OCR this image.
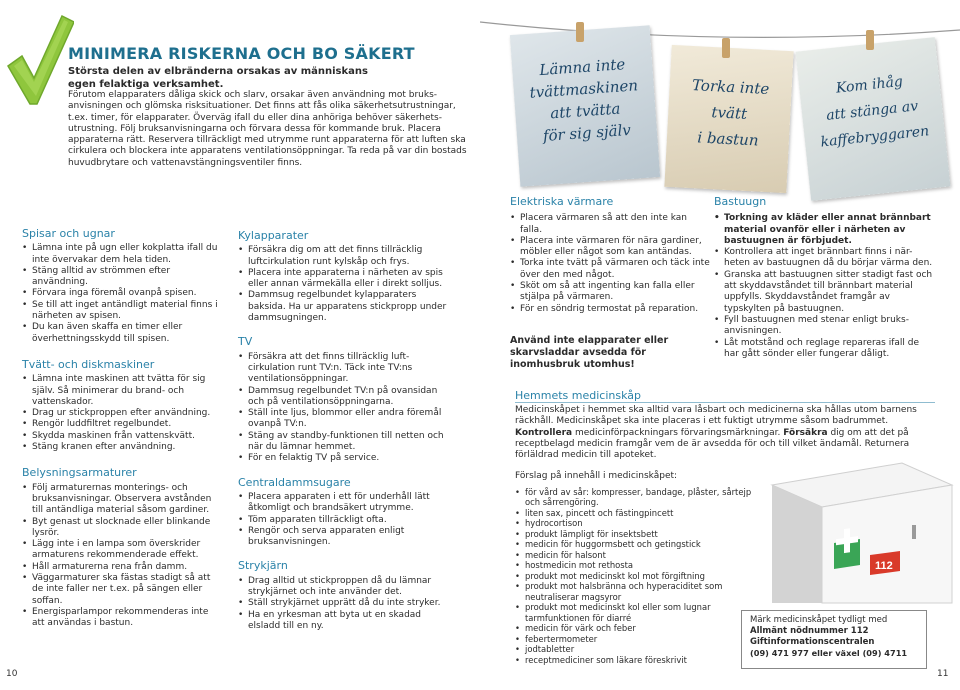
MINIMERA RISKERNA OCH BO SÄKERT
Största delen av elbränderna orsakas av människans egen felaktiga verksamhet.
Förutom elapparaters dåliga skick och slarv, orsakar även användning mot bruks-anvisningen och glömska risksituationer. Det finns att fås olika säkerhetsutrustningar, t.ex. timer, för elapparater. Överväg ifall du eller dina anhöriga behöver säkerhets-utrustning. Följ bruksanvisningarna och förvara dessa för kommande bruk. Placera apparaterna rätt. Reservera tillräckligt med utrymme runt apparaterna för att luften ska cirkulera och blockera inte apparatens ventilationsöppningar. Ta reda på var din bostads huvudbrytare och vattenavstängningsventiler finns.
Spisar och ugnar
• Lämna inte på ugn eller kokplatta ifall du inte övervakar dem hela tiden.
• Stäng alltid av strömmen efter användning.
• Förvara inga föremål ovanpå spisen.
• Se till att inget antändligt material finns i närheten av spisen.
• Du kan även skaffa en timer eller överhettningsskydd till spisen.
Tvätt- och diskmaskiner
• Lämna inte maskinen att tvätta för sig själv. Så minimerar du brand- och vattenskador.
• Drag ur stickproppen efter användning.
• Rengör luddfiltret regelbundet.
• Skydda maskinen från vattenskvätt.
• Stäng kranen efter användning.
Belysningsarmaturer
• Följ armaturernas monterings- och bruksanvisningar. Observera avstånden till antändliga material såsom gardiner.
• Byt genast ut slocknade eller blinkande lysrör.
• Lägg inte i en lampa som överskrider armaturens rekommenderade effekt.
• Håll armaturerna rena från damm.
• Väggarmaturer ska fästas stadigt så att de inte faller ner t.ex. på sängen eller soffan.
• Energisparlampor rekommenderas inte att användas i bastun.
Kylapparater
• Försäkra dig om att det finns tillräcklig luftcirkulation runt kylskåp och frys.
• Placera inte apparaterna i närheten av spis eller annan värmekälla eller i direkt solljus.
• Dammsug regelbundet kylapparaters baksida. Ha ur apparatens stickpropp under dammsugningen.
TV
• Försäkra att det finns tillräcklig luft-cirkulation runt TV:n. Täck inte TV:ns ventilationsöppningar.
• Dammsug regelbundet TV:n på ovansidan och på ventilationsöppningarna.
• Ställ inte ljus, blommor eller andra föremål ovanpå TV:n.
• Stäng av standby-funktionen till netten och när du lämnar hemmet.
• För en felaktig TV på service.
Centraldammsugare
• Placera apparaten i ett för underhåll lätt åtkomligt och brandsäkert utrymme.
• Töm apparaten tillräckligt ofta.
• Rengör och serva apparaten enligt bruksanvisningen.
Strykjärn
• Drag alltid ut stickproppen då du lämnar strykjärnet och inte använder det.
• Ställ strykjärnet upprätt då du inte stryker.
• Ha en yrkesman att byta ut en skadad elsladd till en ny.
10
Lämna inte
tvättmaskinen
att tvätta
för sig själv
Torka inte
tvätt
i bastun
Kom ihåg
att stänga av
kaffebryggaren
Elektriska värmare
• Placera värmaren så att den inte kan falla.
• Placera inte värmaren för nära gardiner, möbler eller något som kan antändas.
• Torka inte tvätt på värmaren och täck inte över den med något.
• Sköt om så att ingenting kan falla eller stjälpa på värmaren.
• För en söndrig termostat på reparation.
Använd inte elapparater eller skarvsladdar avsedda för inomhusbruk utomhus!
Bastuugn
• Torkning av kläder eller annat brännbart material ovanför eller i närheten av bastuugnen är förbjudet.
• Kontrollera att inget brännbart finns i när-heten av bastuugnen då du börjar värma den.
• Granska att bastuugnen sitter stadigt fast och att skyddavståndet till brännbart material uppfylls. Skyddavståndet framgår av typskylten på bastuugnen.
• Fyll bastuugnen med stenar enligt bruks-anvisningen.
• Låt motstånd och reglage repareras ifall de har gått sönder eller fungerar dåligt.
Hemmets medicinskåp
Medicinskåpet i hemmet ska alltid vara låsbart och medicinerna ska hållas utom barnens räckhåll. Medicinskåpet ska inte placeras i ett fuktigt utrymme såsom badrummet.
Kontrollera medicinförpackningars förvaringsmärkningar. Försäkra dig om att det på receptbelagd medicin framgår vem de är avsedda för och till vilket ändamål. Returnera förläldrad medicin till apoteket.
Förslag på innehåll i medicinskåpet:
• för vård av sår: kompresser, bandage, plåster, sårtejp och sårrengöring.
• liten sax, pincett och fästingpincett
• hydrocortison
• produkt lämpligt för insektsbett
• medicin för huggormsbett och getingstick
• medicin för halsont
• hostmedicin mot rethosta
• produkt mot medicinskt kol mot förgiftning
• produkt mot halsbränna och hyperaciditet som neutraliserar magsyror
• produkt mot medicinskt kol eller som lugnar tarmfunktionen för diarré
• medicin för värk och feber
• febertermometer
• jodtabletter
• receptmediciner som läkare föreskrivit
112
Märk medicinskåpet tydligt med
Allmänt nödnummer 112
Giftinformationscentralen
(09) 471 977 eller växel (09) 4711
11
